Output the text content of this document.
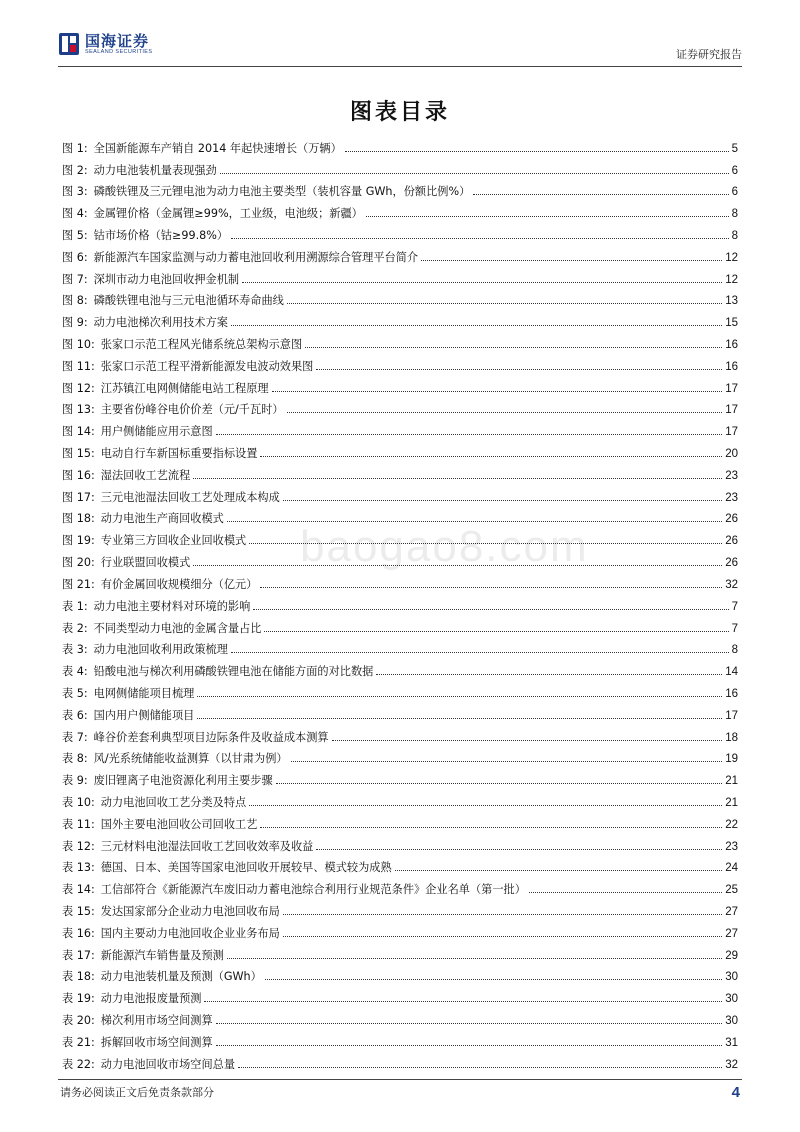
国海证券
SEALAND SECURITIES	证券研究报告
baogao8.com
图表目录
图 1: 全国新能源车产销自 2014 年起快速增长（万辆）	5
图 2: 动力电池装机量表现强劲	6
图 3: 磷酸铁锂及三元锂电池为动力电池主要类型（装机容量 GWh，份额比例%）	6
图 4: 金属锂价格（金属锂≥99%，工业级，电池级；新疆）	8
图 5: 钴市场价格（钴≥99.8%）	8
图 6: 新能源汽车国家监测与动力蓄电池回收利用溯源综合管理平台简介	12
图 7: 深圳市动力电池回收押金机制	12
图 8: 磷酸铁锂电池与三元电池循环寿命曲线	13
图 9: 动力电池梯次利用技术方案	15
图 10: 张家口示范工程风光储系统总架构示意图	16
图 11: 张家口示范工程平滑新能源发电波动效果图	16
图 12: 江苏镇江电网侧储能电站工程原理	17
图 13: 主要省份峰谷电价价差（元/千瓦时）	17
图 14: 用户侧储能应用示意图	17
图 15: 电动自行车新国标重要指标设置	20
图 16: 湿法回收工艺流程	23
图 17: 三元电池湿法回收工艺处理成本构成	23
图 18: 动力电池生产商回收模式	26
图 19: 专业第三方回收企业回收模式	26
图 20: 行业联盟回收模式	26
图 21: 有价金属回收规模细分（亿元）	32
表 1: 动力电池主要材料对环境的影响	7
表 2: 不同类型动力电池的金属含量占比	7
表 3: 动力电池回收利用政策梳理	8
表 4: 铅酸电池与梯次利用磷酸铁锂电池在储能方面的对比数据	14
表 5: 电网侧储能项目梳理	16
表 6: 国内用户侧储能项目	17
表 7: 峰谷价差套利典型项目边际条件及收益成本测算	18
表 8: 风/光系统储能收益测算（以甘肃为例）	19
表 9: 废旧锂离子电池资源化利用主要步骤	21
表 10: 动力电池回收工艺分类及特点	21
表 11: 国外主要电池回收公司回收工艺	22
表 12: 三元材料电池湿法回收工艺回收效率及收益	23
表 13: 德国、日本、美国等国家电池回收开展较早、模式较为成熟	24
表 14: 工信部符合《新能源汽车废旧动力蓄电池综合利用行业规范条件》企业名单（第一批）	25
表 15: 发达国家部分企业动力电池回收布局	27
表 16: 国内主要动力电池回收企业业务布局	27
表 17: 新能源汽车销售量及预测	29
表 18: 动力电池装机量及预测（GWh）	30
表 19: 动力电池报废量预测	30
表 20: 梯次利用市场空间测算	30
表 21: 拆解回收市场空间测算	31
表 22: 动力电池回收市场空间总量	32
请务必阅读正文后免责条款部分	4
